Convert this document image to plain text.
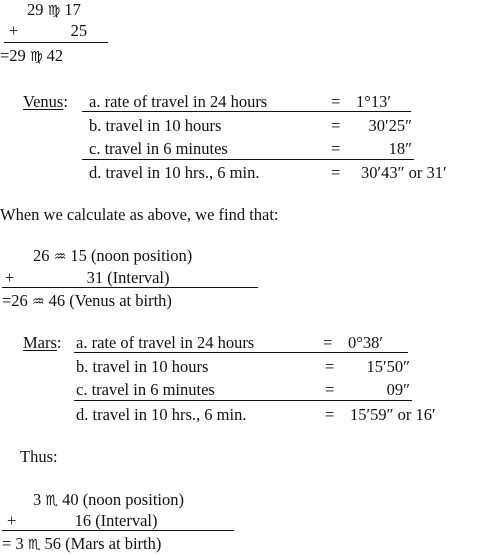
29 ♍ 17
+	25
=29 ♍ 42
Venus: a. rate of travel in 24 hours	= 1°13′
b. travel in 10 hours	=	30′25″
c. travel in 6 minutes	=	18″
d. travel in 10 hrs., 6 min.	= 30′43″ or 31′
When we calculate as above, we find that:
26 ♒ 15 (noon position)
+	31 (Interval)
=26 ♒ 46 (Venus at birth)
Mars: a. rate of travel in 24 hours	= 0°38′
b. travel in 10 hours	=	15′50″
c. travel in 6 minutes	=	09″
d. travel in 10 hrs., 6 min.	= 15′59″ or 16′
Thus:
3 ♏ 40 (noon position)
+	16 (Interval)
= 3 ♏ 56 (Mars at birth)
